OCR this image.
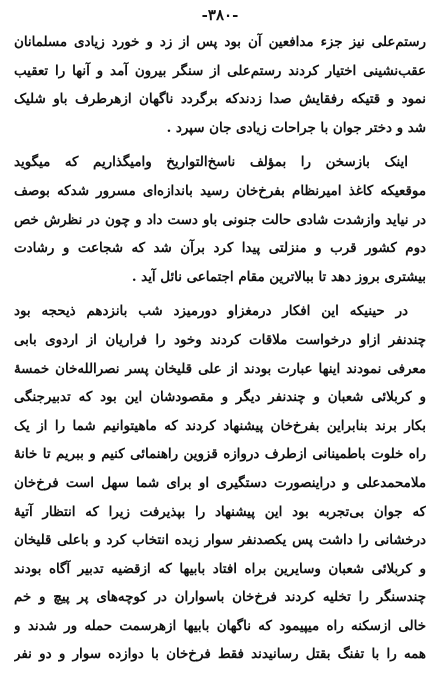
-٣٨٠-
رستم‌علی نیز جزء مدافعین آن بود پس از زد و خورد زیادی مسلمانان
عقب‌نشینی اختیار کردند رستم‌علی از سنگر بیرون آمد و آنها را تعقیب
نمود و قتیکه رفقایش صدا زدندکه برگردد ناگهان ازهرطرف باو شلیک
شد و دختر جوان با جراحات زیادی جان سپرد .
اینک بازسخن را بمؤلف ناسخ‌التواریخ وامیگذاریم که میگوید
موقعیکه کاغذ امیرنظام بفرخ‌خان رسید باندازه‌ای مسرور شدکه بوصف
در نیاید وازشدت شادی حالت جنونی باو دست داد و چون در نظرش خص
دوم کشور قرب و منزلتی پیدا کرد برآن شد که شجاعت و رشادت
بیشتری بروز دهد تا ببالاترین مقام اجتماعی نائل آید .
در حینیکه این افکار درمغزاو دورمیزد شب بانزدهم ذیحجه بود
چندنفر ازاو درخواست ملاقات کردند وخود را فراریان از اردوی بابی
معرفی نمودند اینها عبارت بودند از علی قلیخان پسر نصرالله‌خان خمسهٔ
و کربلائی شعبان و چندنفر دیگر و مقصودشان این بود که تدبیرجنگی
بکار برند بنابراین بفرخ‌خان پیشنهاد کردند که ماهیتوانیم شما را از یک
راه خلوت باطمینانی ازطرف دروازه قزوین راهنمائی کنیم و ببریم تا خانهٔ
ملامحمدعلی و دراینصورت دستگیری او برای شما سهل است فرخ‌خان
که جوان بی‌تجربه بود این پیشنهاد را بپذیرفت زیرا که انتظار آتیهٔ
درخشانی را داشت پس یکصدنفر سوار زبده انتخاب کرد و باعلی قلیخان
و کربلائی شعبان وسایرین براه افتاد بابیها که ازقضیه تدبیر آگاه بودند
چندسنگر را تخلیه کردند فرخ‌خان باسواران در کوچه‌های پر پیچ و خم
خالی ازسکنه راه میپیمود که ناگهان بابیها ازهرسمت حمله ور شدند و
همه را با تفنگ بقتل رسانیدند فقط فرخ‌خان با دوازده سوار و دو نفر
